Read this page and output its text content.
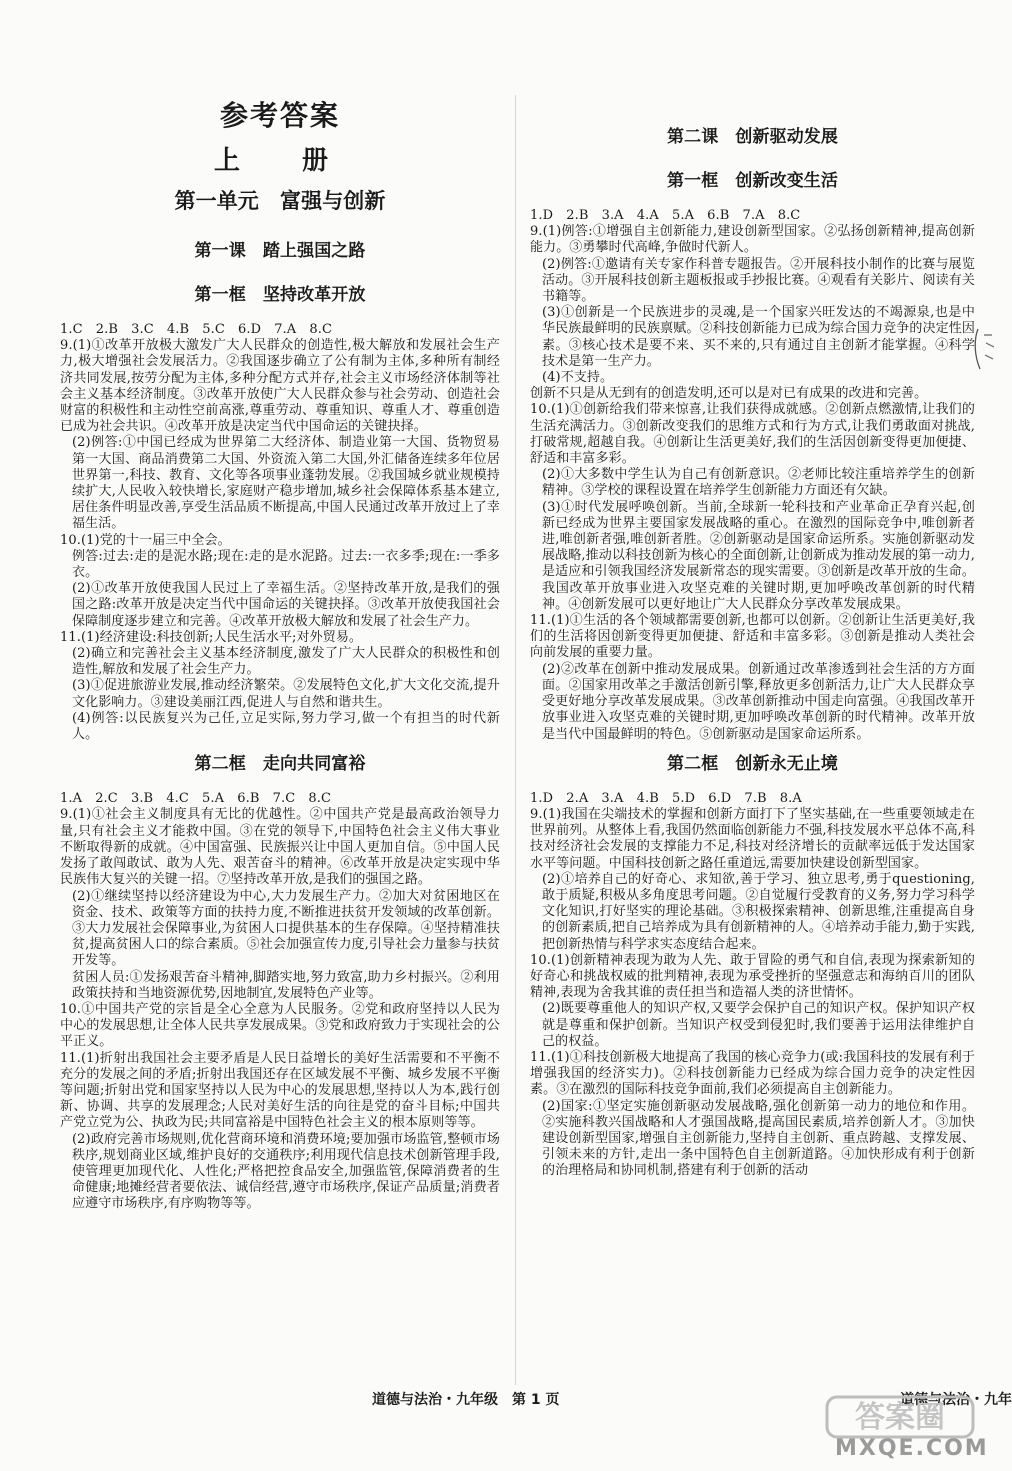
参考答案
上　册
第一单元　富强与创新
第一课　踏上强国之路
第一框　坚持改革开放

1.C　2.B　3.C　4.B　5.C　6.D　7.A　8.C

9.(1)①改革开放极大激发广大人民群众的创造性,极大解放和发展社会生产力,极大增强社会发展活力。②我国逐步确立了公有制为主体,多种所有制经济共同发展,按劳分配为主体,多种分配方式并存,社会主义市场经济体制等社会主义基本经济制度。③改革开放使广大人民群众参与社会劳动、创造社会财富的积极性和主动性空前高涨,尊重劳动、尊重知识、尊重人才、尊重创造已成为社会共识。④改革开放是决定当代中国命运的关键抉择。

(2)例答:①中国已经成为世界第二大经济体、制造业第一大国、货物贸易第一大国、商品消费第二大国、外资流入第二大国,外汇储备连续多年位居世界第一,科技、教育、文化等各项事业蓬勃发展。②我国城乡就业规模持续扩大,人民收入较快增长,家庭财产稳步增加,城乡社会保障体系基本建立,居住条件明显改善,享受生活品质不断提高,中国人民通过改革开放过上了幸福生活。

10.(1)党的十一届三中全会。

例答:过去:走的是泥水路;现在:走的是水泥路。过去:一衣多季;现在:一季多衣。

(2)①改革开放使我国人民过上了幸福生活。②坚持改革开放,是我们的强国之路:改革开放是决定当代中国命运的关键抉择。③改革开放使我国社会保障制度逐步建立和完善。④改革开放极大解放和发展了社会生产力。

11.(1)经济建设:科技创新;人民生活水平;对外贸易。

(2)确立和完善社会主义基本经济制度,激发了广大人民群众的积极性和创造性,解放和发展了社会生产力。

(3)①促进旅游业发展,推动经济繁荣。②发展特色文化,扩大文化交流,提升文化影响力。③建设美丽江西,促进人与自然和谐共生。

(4)例答:以民族复兴为己任,立足实际,努力学习,做一个有担当的时代新人。

第二框　走向共同富裕

1.A　2.C　3.B　4.C　5.A　6.B　7.C　8.C

9.(1)①社会主义制度具有无比的优越性。②中国共产党是最高政治领导力量,只有社会主义才能救中国。③在党的领导下,中国特色社会主义伟大事业不断取得新的成就。④中国富强、民族振兴让中国人更加自信。⑤中国人民发扬了敢闯敢试、敢为人先、艰苦奋斗的精神。⑥改革开放是决定实现中华民族伟大复兴的关键一招。⑦坚持改革开放,是我们的强国之路。

(2)①继续坚持以经济建设为中心,大力发展生产力。②加大对贫困地区在资金、技术、政策等方面的扶持力度,不断推进扶贫开发领域的改革创新。③大力发展社会保障事业,为贫困人口提供基本的生存保障。④坚持精准扶贫,提高贫困人口的综合素质。⑤社会加强宣传力度,引导社会力量参与扶贫开发等。

贫困人员:①发扬艰苦奋斗精神,脚踏实地,努力致富,助力乡村振兴。②利用政策扶持和当地资源优势,因地制宜,发展特色产业等。

10.①中国共产党的宗旨是全心全意为人民服务。②党和政府坚持以人民为中心的发展思想,让全体人民共享发展成果。③党和政府致力于实现社会的公平正义。

11.(1)折射出我国社会主要矛盾是人民日益增长的美好生活需要和不平衡不充分的发展之间的矛盾;折射出我国还存在区域发展不平衡、城乡发展不平衡等问题;折射出党和国家坚持以人民为中心的发展思想,坚持以人为本,践行创新、协调、共享的发展理念;人民对美好生活的向往是党的奋斗目标;中国共产党立党为公、执政为民;共同富裕是中国特色社会主义的根本原则等等。

(2)政府完善市场规则,优化营商环境和消费环境;要加强市场监管,整顿市场秩序,规划商业区域,维护良好的交通秩序;利用现代信息技术创新管理手段,使管理更加现代化、人性化;严格把控食品安全,加强监管,保障消费者的生命健康;地摊经营者要依法、诚信经营,遵守市场秩序,保证产品质量;消费者应遵守市场秩序,有序购物等等。

第二课　创新驱动发展
第一框　创新改变生活

1.D　2.B　3.A　4.A　5.A　6.B　7.A　8.C

9.(1)例答:①增强自主创新能力,建设创新型国家。②弘扬创新精神,提高创新能力。③勇攀时代高峰,争做时代新人。

(2)例答:①邀请有关专家作科普专题报告。②开展科技小制作的比赛与展览活动。③开展科技创新主题板报或手抄报比赛。④观看有关影片、阅读有关书籍等。

(3)①创新是一个民族进步的灵魂,是一个国家兴旺发达的不竭源泉,也是中华民族最鲜明的民族禀赋。②科技创新能力已成为综合国力竞争的决定性因素。③核心技术是要不来、买不来的,只有通过自主创新才能掌握。④科学技术是第一生产力。

(4)不支持。

创新不只是从无到有的创造发明,还可以是对已有成果的改进和完善。

10.(1)①创新给我们带来惊喜,让我们获得成就感。②创新点燃激情,让我们的生活充满活力。③创新改变我们的思维方式和行为方式,让我们勇敢面对挑战,打破常规,超越自我。④创新让生活更美好,我们的生活因创新变得更加便捷、舒适和丰富多彩。

(2)①大多数中学生认为自己有创新意识。②老师比较注重培养学生的创新精神。③学校的课程设置在培养学生创新能力方面还有欠缺。

(3)①时代发展呼唤创新。当前,全球新一轮科技和产业革命正孕育兴起,创新已经成为世界主要国家发展战略的重心。在激烈的国际竞争中,唯创新者进,唯创新者强,唯创新者胜。②创新驱动是国家命运所系。实施创新驱动发展战略,推动以科技创新为核心的全面创新,让创新成为推动发展的第一动力,是适应和引领我国经济发展新常态的现实需要。③创新是改革开放的生命。我国改革开放事业进入攻坚克难的关键时期,更加呼唤改革创新的时代精神。④创新发展可以更好地让广大人民群众分享改革发展成果。

11.(1)①生活的各个领域都需要创新,也都可以创新。②创新让生活更美好,我们的生活将因创新变得更加便捷、舒适和丰富多彩。③创新是推动人类社会向前发展的重要力量。

(2)②改革在创新中推动发展成果。创新通过改革渗透到社会生活的方方面面。②国家用改革之手激活创新引擎,释放更多创新活力,让广大人民群众享受更好地分享改革发展成果。③改革创新推动中国走向富强。④我国改革开放事业进入攻坚克难的关键时期,更加呼唤改革创新的时代精神。改革开放是当代中国最鲜明的特色。⑤创新驱动是国家命运所系。

第二框　创新永无止境

1.D　2.A　3.A　4.B　5.D　6.D　7.B　8.A

9.(1)我国在尖端技术的掌握和创新方面打下了坚实基础,在一些重要领域走在世界前列。从整体上看,我国仍然面临创新能力不强,科技发展水平总体不高,科技对经济社会发展的支撑能力不足,科技对经济增长的贡献率远低于发达国家水平等问题。中国科技创新之路任重道远,需要加快建设创新型国家。

(2)①培养自己的好奇心、求知欲,善于学习、独立思考,勇于questioning,敢于质疑,积极从多角度思考问题。②自觉履行受教育的义务,努力学习科学文化知识,打好坚实的理论基础。③积极探索精神、创新思维,注重提高自身的创新素质,把自己培养成为具有创新精神的人。④培养动手能力,勤于实践,把创新热情与科学求实态度结合起来。

10.(1)创新精神表现为敢为人先、敢于冒险的勇气和自信,表现为探索新知的好奇心和挑战权威的批判精神,表现为承受挫折的坚强意志和海纳百川的团队精神,表现为舍我其谁的责任担当和造福人类的济世情怀。

(2)既要尊重他人的知识产权,又要学会保护自己的知识产权。保护知识产权就是尊重和保护创新。当知识产权受到侵犯时,我们要善于运用法律维护自己的权益。

11.(1)①科技创新极大地提高了我国的核心竞争力(或:我国科技的发展有利于增强我国的经济实力)。②科技创新能力已经成为综合国力竞争的决定性因素。③在激烈的国际科技竞争面前,我们必须提高自主创新能力。

(2)国家:①坚定实施创新驱动发展战略,强化创新第一动力的地位和作用。②实施科教兴国战略和人才强国战略,提高国民素质,培养创新人才。③加快建设创新型国家,增强自主创新能力,坚持自主创新、重点跨越、支撑发展、引领未来的方针,走出一条中国特色自主创新道路。④加快形成有利于创新的治理格局和协同机制,搭建有利于创新的活动

道德与法治・九年级　第 1 页	道德与法治・九年
答案圈
MXQE.COM
